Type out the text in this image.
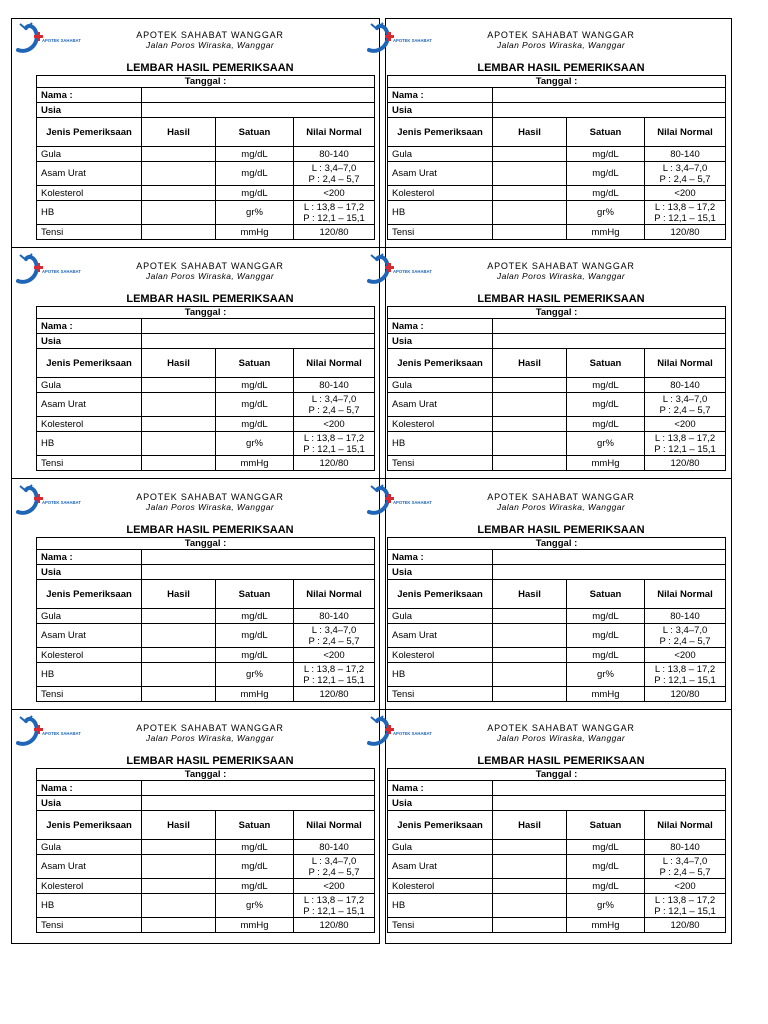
APOTEK SAHABAT
APOTEK SAHABAT WANGGAR
Jalan Poros Wiraska, Wanggar
LEMBAR HASIL PEMERIKSAAN
Tanggal :			
Nama :			
Usia			
Jenis Pemeriksaan	Hasil	Satuan	Nilai Normal
Gula		mg/dL	80-140
Asam Urat		mg/dL	L : 3,4–7,0
P : 2,4 – 5,7

Kolesterol		mg/dL	<200
HB		gr%	L : 13,8 – 17,2
P : 12,1 – 15,1

Tensi		mmHg	120/80
APOTEK SAHABAT
APOTEK SAHABAT WANGGAR
Jalan Poros Wiraska, Wanggar
LEMBAR HASIL PEMERIKSAAN
Tanggal :			
Nama :			
Usia			
Jenis Pemeriksaan	Hasil	Satuan	Nilai Normal
Gula		mg/dL	80-140
Asam Urat		mg/dL	L : 3,4–7,0
P : 2,4 – 5,7

Kolesterol		mg/dL	<200
HB		gr%	L : 13,8 – 17,2
P : 12,1 – 15,1

Tensi		mmHg	120/80
APOTEK SAHABAT
APOTEK SAHABAT WANGGAR
Jalan Poros Wiraska, Wanggar
LEMBAR HASIL PEMERIKSAAN
Tanggal :			
Nama :			
Usia			
Jenis Pemeriksaan	Hasil	Satuan	Nilai Normal
Gula		mg/dL	80-140
Asam Urat		mg/dL	L : 3,4–7,0
P : 2,4 – 5,7

Kolesterol		mg/dL	<200
HB		gr%	L : 13,8 – 17,2
P : 12,1 – 15,1

Tensi		mmHg	120/80
APOTEK SAHABAT
APOTEK SAHABAT WANGGAR
Jalan Poros Wiraska, Wanggar
LEMBAR HASIL PEMERIKSAAN
Tanggal :			
Nama :			
Usia			
Jenis Pemeriksaan	Hasil	Satuan	Nilai Normal
Gula		mg/dL	80-140
Asam Urat		mg/dL	L : 3,4–7,0
P : 2,4 – 5,7

Kolesterol		mg/dL	<200
HB		gr%	L : 13,8 – 17,2
P : 12,1 – 15,1

Tensi		mmHg	120/80
APOTEK SAHABAT
APOTEK SAHABAT WANGGAR
Jalan Poros Wiraska, Wanggar
LEMBAR HASIL PEMERIKSAAN
Tanggal :			
Nama :			
Usia			
Jenis Pemeriksaan	Hasil	Satuan	Nilai Normal
Gula		mg/dL	80-140
Asam Urat		mg/dL	L : 3,4–7,0
P : 2,4 – 5,7

Kolesterol		mg/dL	<200
HB		gr%	L : 13,8 – 17,2
P : 12,1 – 15,1

Tensi		mmHg	120/80
APOTEK SAHABAT
APOTEK SAHABAT WANGGAR
Jalan Poros Wiraska, Wanggar
LEMBAR HASIL PEMERIKSAAN
Tanggal :			
Nama :			
Usia			
Jenis Pemeriksaan	Hasil	Satuan	Nilai Normal
Gula		mg/dL	80-140
Asam Urat		mg/dL	L : 3,4–7,0
P : 2,4 – 5,7

Kolesterol		mg/dL	<200
HB		gr%	L : 13,8 – 17,2
P : 12,1 – 15,1

Tensi		mmHg	120/80
APOTEK SAHABAT
APOTEK SAHABAT WANGGAR
Jalan Poros Wiraska, Wanggar
LEMBAR HASIL PEMERIKSAAN
Tanggal :			
Nama :			
Usia			
Jenis Pemeriksaan	Hasil	Satuan	Nilai Normal
Gula		mg/dL	80-140
Asam Urat		mg/dL	L : 3,4–7,0
P : 2,4 – 5,7

Kolesterol		mg/dL	<200
HB		gr%	L : 13,8 – 17,2
P : 12,1 – 15,1

Tensi		mmHg	120/80
APOTEK SAHABAT
APOTEK SAHABAT WANGGAR
Jalan Poros Wiraska, Wanggar
LEMBAR HASIL PEMERIKSAAN
Tanggal :			
Nama :			
Usia			
Jenis Pemeriksaan	Hasil	Satuan	Nilai Normal
Gula		mg/dL	80-140
Asam Urat		mg/dL	L : 3,4–7,0
P : 2,4 – 5,7

Kolesterol		mg/dL	<200
HB		gr%	L : 13,8 – 17,2
P : 12,1 – 15,1

Tensi		mmHg	120/80
